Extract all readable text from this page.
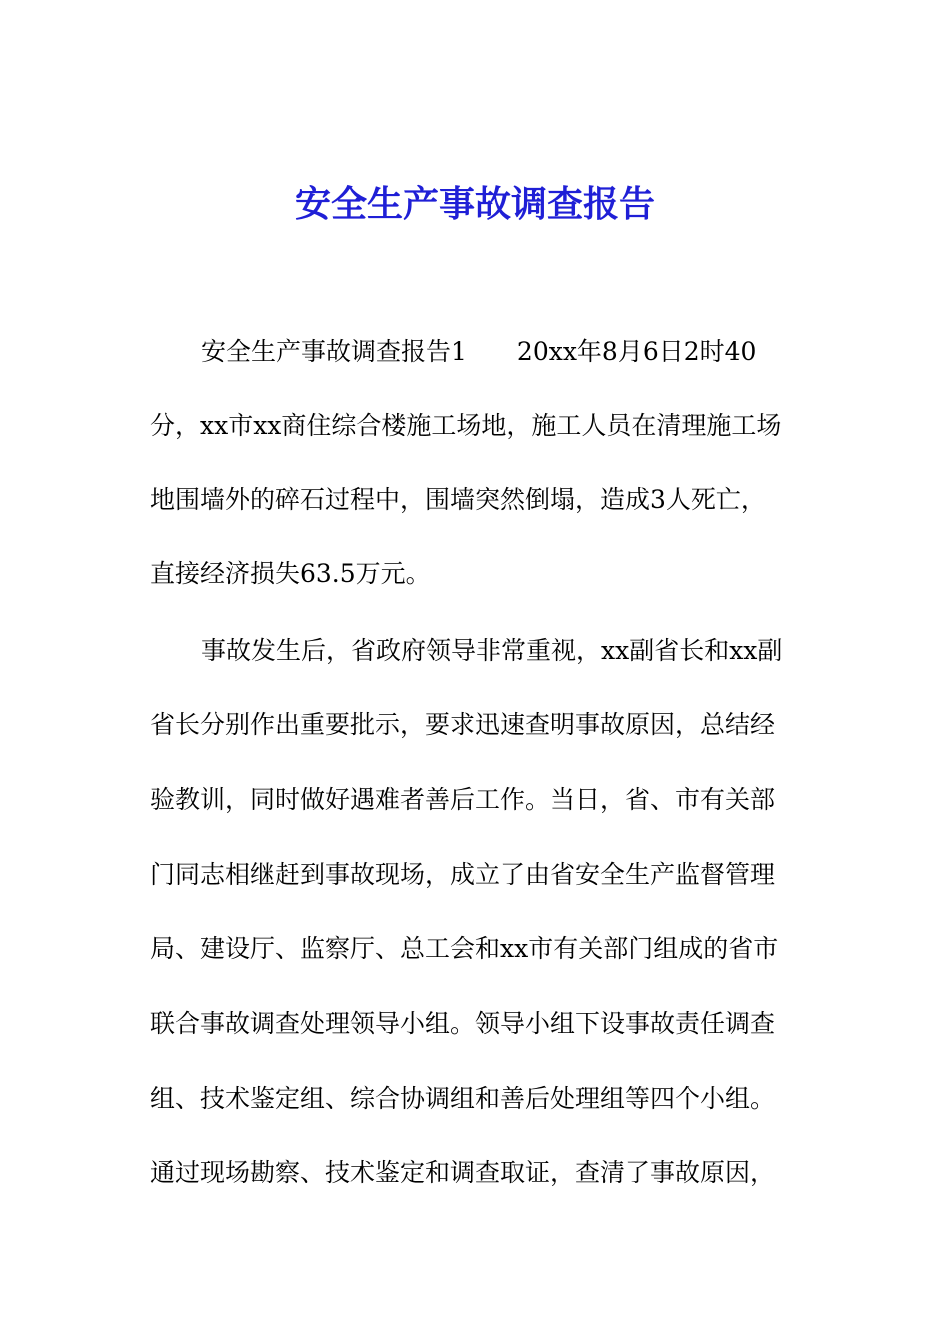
安全生产事故调查报告
安全生产事故调查报告1　　20xx年8月6日2时40
分，xx市xx商住综合楼施工场地，施工人员在清理施工场
地围墙外的碎石过程中，围墙突然倒塌，造成3人死亡，
直接经济损失63.5万元。
事故发生后，省政府领导非常重视，xx副省长和xx副
省长分别作出重要批示，要求迅速查明事故原因，总结经
验教训，同时做好遇难者善后工作。当日，省、市有关部
门同志相继赶到事故现场，成立了由省安全生产监督管理
局、建设厅、监察厅、总工会和xx市有关部门组成的省市
联合事故调查处理领导小组。领导小组下设事故责任调查
组、技术鉴定组、综合协调组和善后处理组等四个小组。
通过现场勘察、技术鉴定和调查取证，查清了事故原因，
